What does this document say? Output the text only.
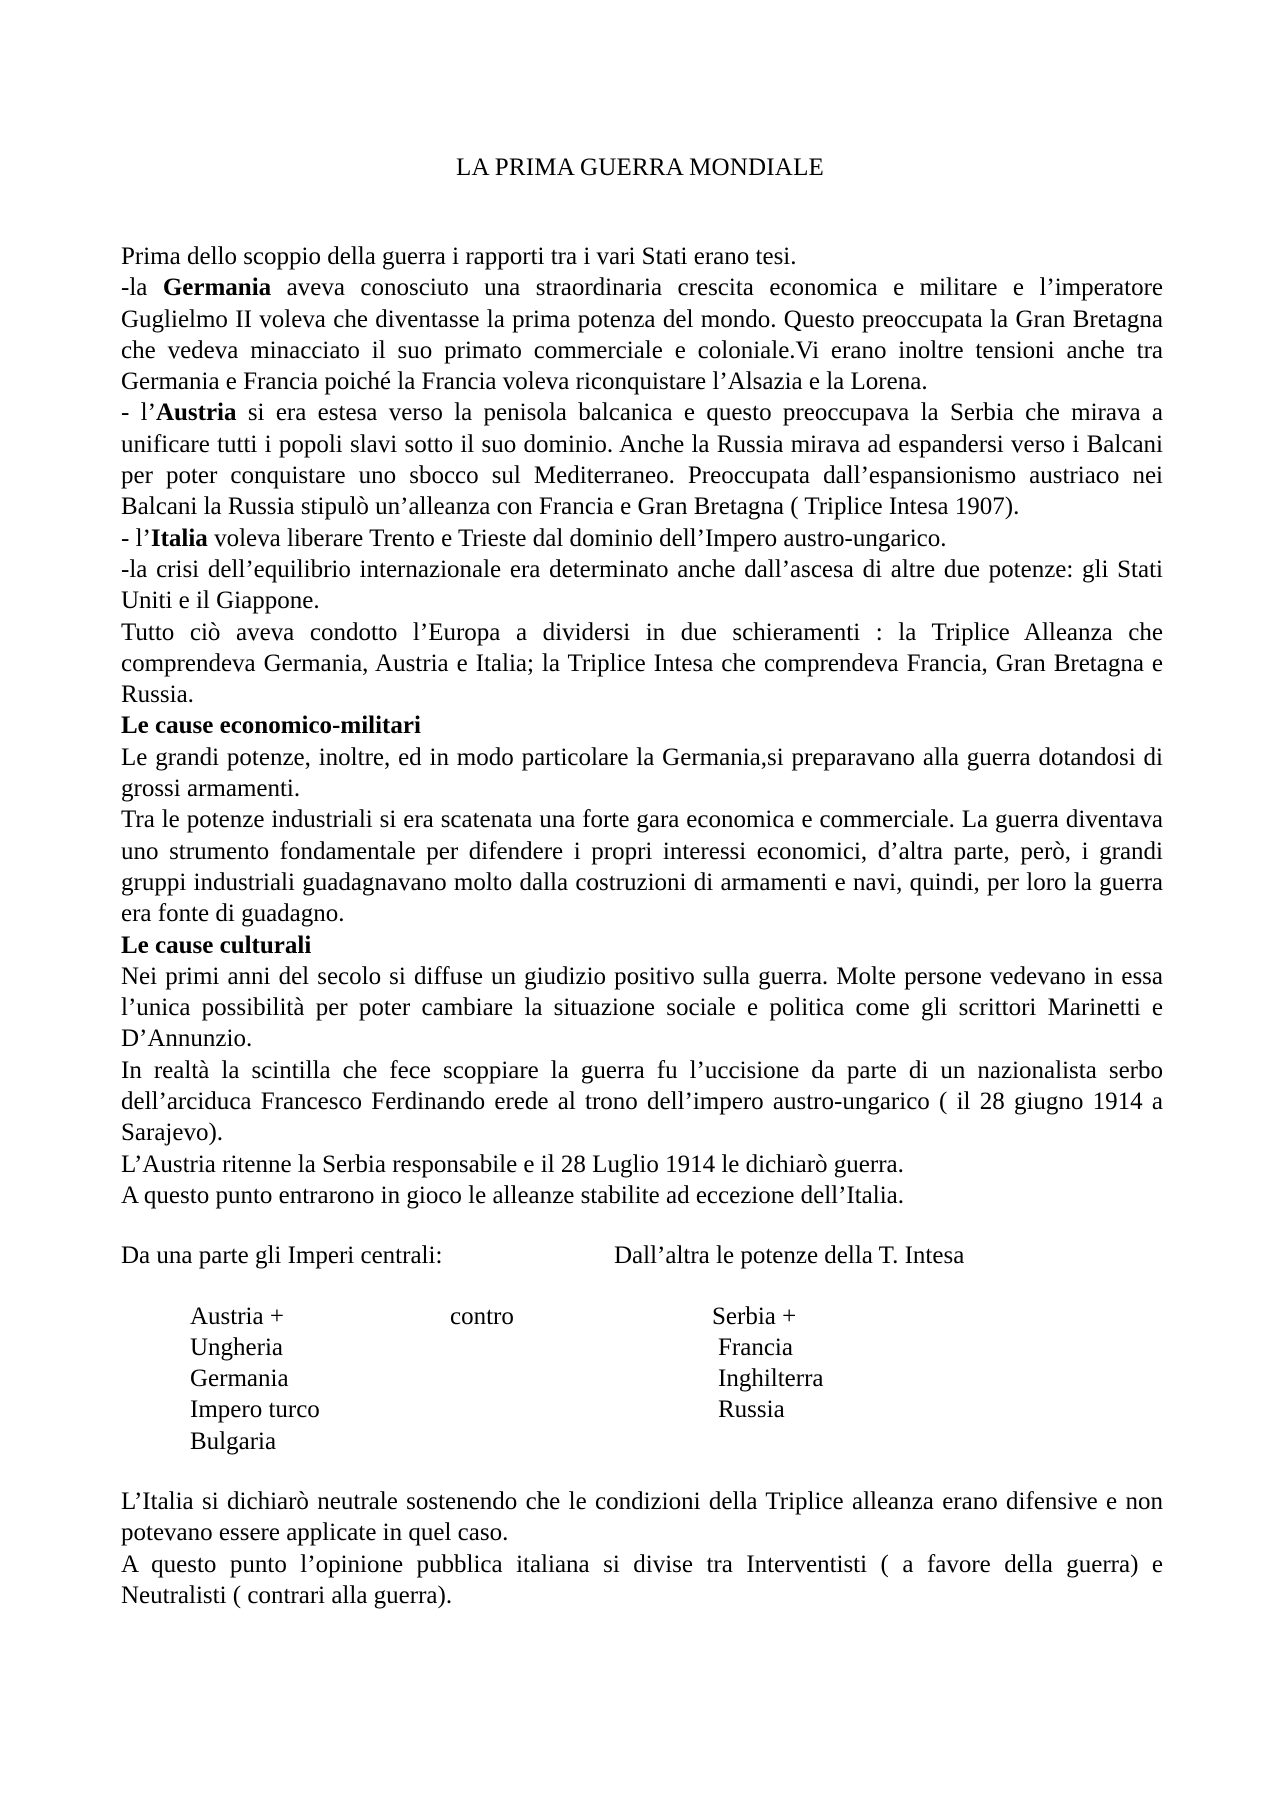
LA PRIMA GUERRA MONDIALE

Prima dello scoppio della guerra i rapporti tra i vari Stati erano tesi.

-la Germania aveva conosciuto una straordinaria crescita economica e militare e l’imperatore Guglielmo II voleva che diventasse la prima potenza del mondo. Questo preoccupata la Gran Bretagna che vedeva minacciato il suo primato commerciale e coloniale.Vi erano inoltre tensioni anche tra Germania e Francia poiché la Francia voleva riconquistare l’Alsazia e la Lorena.

- l’Austria si era estesa verso la penisola balcanica e questo preoccupava la Serbia che mirava a unificare tutti i popoli slavi sotto il suo dominio. Anche la Russia mirava ad espandersi verso i Balcani per poter conquistare uno sbocco sul Mediterraneo. Preoccupata dall’espansionismo austriaco nei Balcani la Russia stipulò un’alleanza con Francia e Gran Bretagna ( Triplice Intesa 1907).

- l’Italia voleva liberare Trento e Trieste dal dominio dell’Impero austro-ungarico.

-la crisi dell’equilibrio internazionale era determinato anche dall’ascesa di altre due potenze: gli Stati Uniti e il Giappone.

Tutto ciò aveva condotto l’Europa a dividersi in due schieramenti : la Triplice Alleanza che comprendeva Germania, Austria e Italia; la Triplice Intesa che comprendeva Francia, Gran Bretagna e Russia.

Le cause economico-militari

Le grandi potenze, inoltre, ed in modo particolare la Germania,si preparavano alla guerra dotandosi di grossi armamenti.

Tra le potenze industriali si era scatenata una forte gara economica e commerciale. La guerra diventava uno strumento fondamentale per difendere i propri interessi economici, d’altra parte, però, i grandi gruppi industriali guadagnavano molto dalla costruzioni di armamenti e navi, quindi, per loro la guerra era fonte di guadagno.

Le cause culturali

Nei primi anni del secolo si diffuse un giudizio positivo sulla guerra. Molte persone vedevano in essa l’unica possibilità per poter cambiare la situazione sociale e politica come gli scrittori Marinetti e D’Annunzio.

In realtà la scintilla che fece scoppiare la guerra fu l’uccisione da parte di un nazionalista serbo dell’arciduca Francesco Ferdinando erede al trono dell’impero austro-ungarico ( il 28 giugno 1914 a Sarajevo).

L’Austria ritenne la Serbia responsabile e il 28 Luglio 1914 le dichiarò guerra.

A questo punto entrarono in gioco le alleanze stabilite ad eccezione dell’Italia.

Da una parte gli Imperi centrali:	Dall’altra le potenze della T. Intesa
Austria +
Ungheria
Germania
Impero turco
Bulgaria
contro	Serbia +
Francia
Inghilterra
Russia

L’Italia si dichiarò neutrale sostenendo che le condizioni della Triplice alleanza erano difensive e non potevano essere applicate in quel caso.

A questo punto l’opinione pubblica italiana si divise tra Interventisti ( a favore della guerra) e Neutralisti ( contrari alla guerra).
